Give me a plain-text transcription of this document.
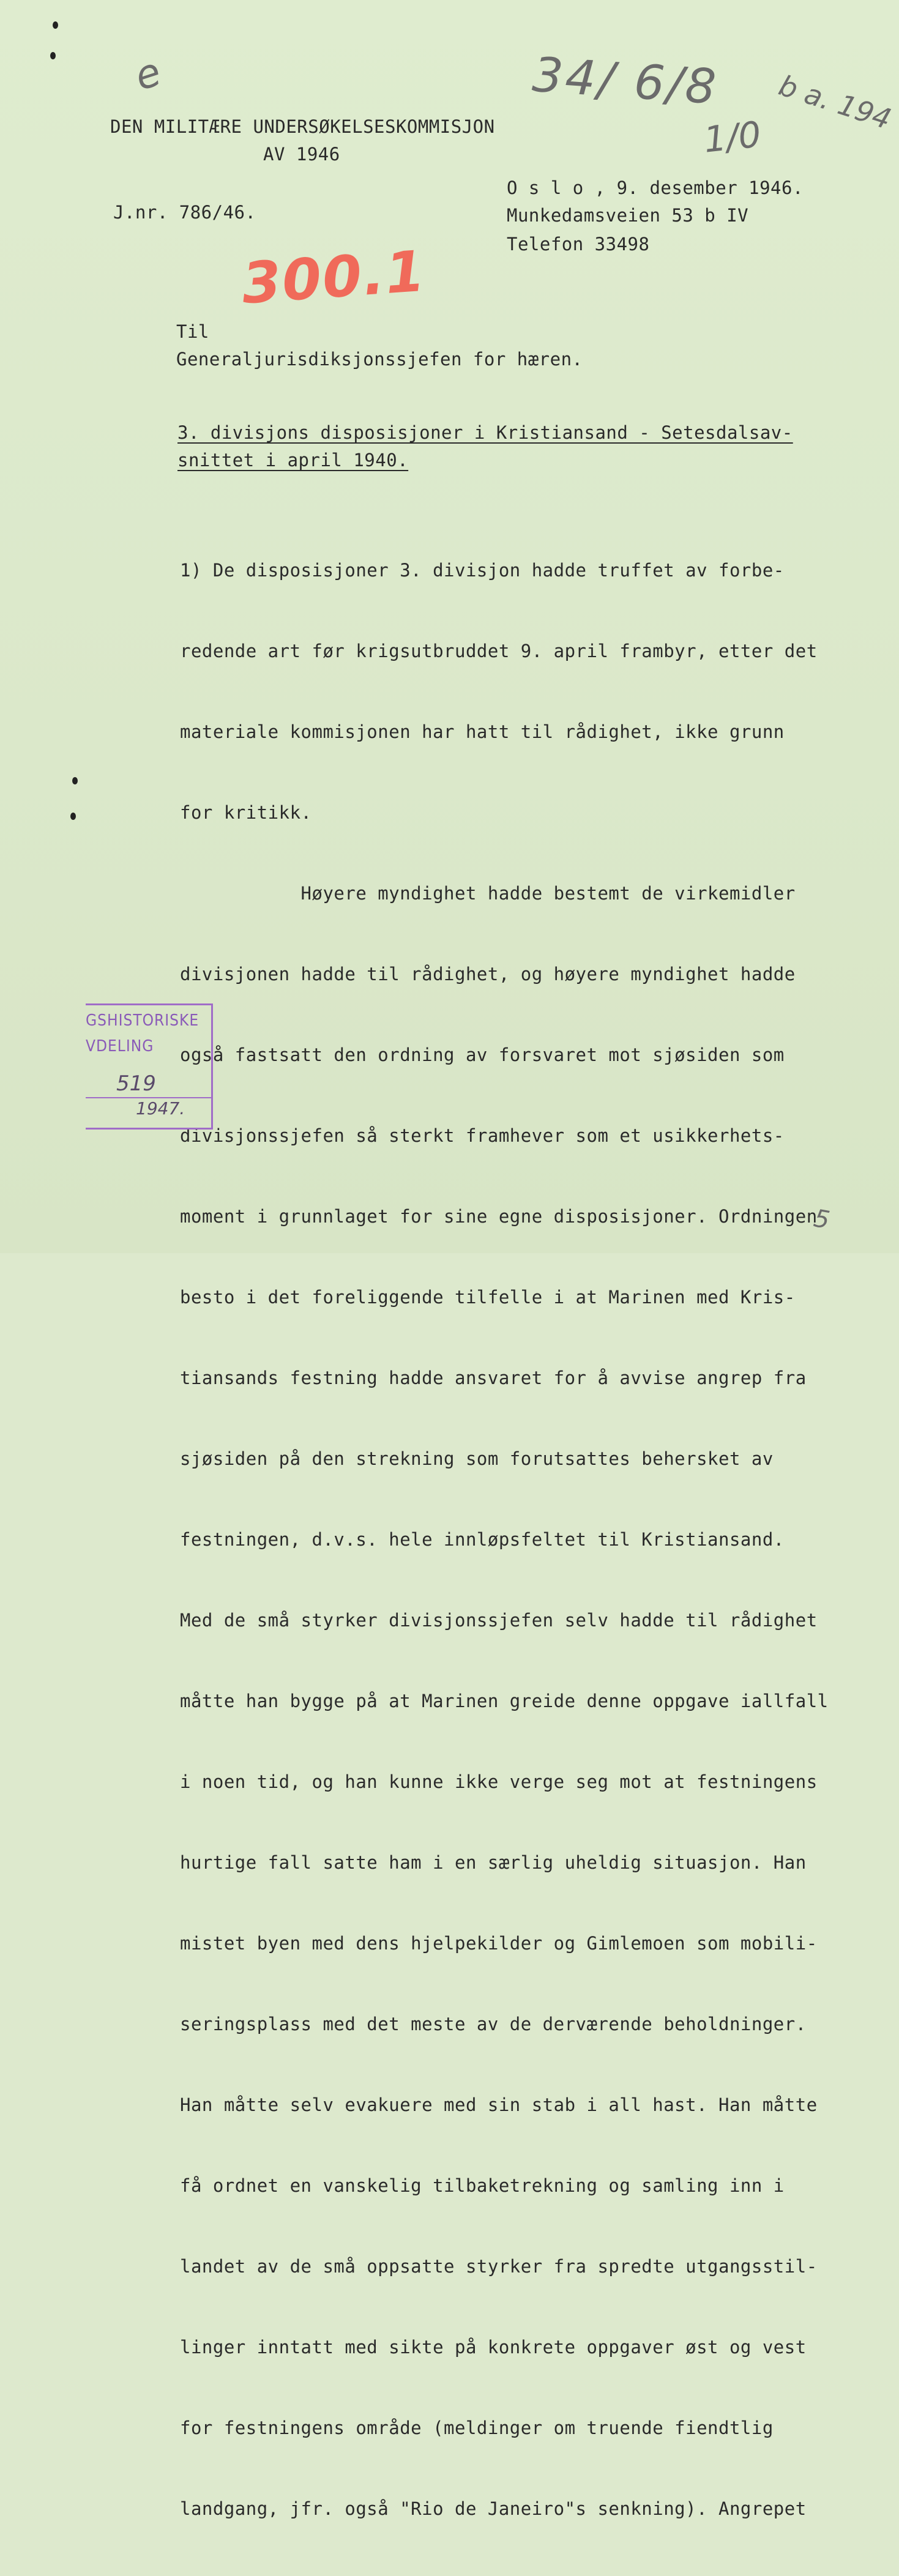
e	34/ 6/8
1/0
b a. 194
5
300.1
DEN MILITÆRE UNDERSØKELSESKOMMISJON
AV 1946
J.nr. 786/46.
O s l o , 9. desember 1946.
Munkedamsveien 53 b IV
Telefon 33498
Til
Generaljurisdiksjonssjefen for hæren.
3. divisjons disposisjoner i Kristiansand - Setesdalsav-
snittet i april 1940.

1) De disposisjoner 3. divisjon hadde truffet av forbe-

redende art før krigsutbruddet 9. april frambyr, etter det

materiale kommisjonen har hatt til rådighet, ikke grunn

for kritikk.

Høyere myndighet hadde bestemt de virkemidler

divisjonen hadde til rådighet, og høyere myndighet hadde

også fastsatt den ordning av forsvaret mot sjøsiden som

divisjonssjefen så sterkt framhever som et usikkerhets-

moment i grunnlaget for sine egne disposisjoner. Ordningen

besto i det foreliggende tilfelle i at Marinen med Kris-

tiansands festning hadde ansvaret for å avvise angrep fra

sjøsiden på den strekning som forutsattes behersket av

festningen, d.v.s. hele innløpsfeltet til Kristiansand.

Med de små styrker divisjonssjefen selv hadde til rådighet

måtte han bygge på at Marinen greide denne oppgave iallfall

i noen tid, og han kunne ikke verge seg mot at festningens

hurtige fall satte ham i en særlig uheldig situasjon. Han

mistet byen med dens hjelpekilder og Gimlemoen som mobili-

seringsplass med det meste av de derværende beholdninger.

Han måtte selv evakuere med sin stab i all hast. Han måtte

få ordnet en vanskelig tilbaketrekning og samling inn i

landet av de små oppsatte styrker fra spredte utgangsstil-

linger inntatt med sikte på konkrete oppgaver øst og vest

for festningens område (meldinger om truende fiendtlig

landgang, jfr. også "Rio de Janeiro"s senkning). Angrepet

GSHISTORISKE
VDELING
519
1947.
